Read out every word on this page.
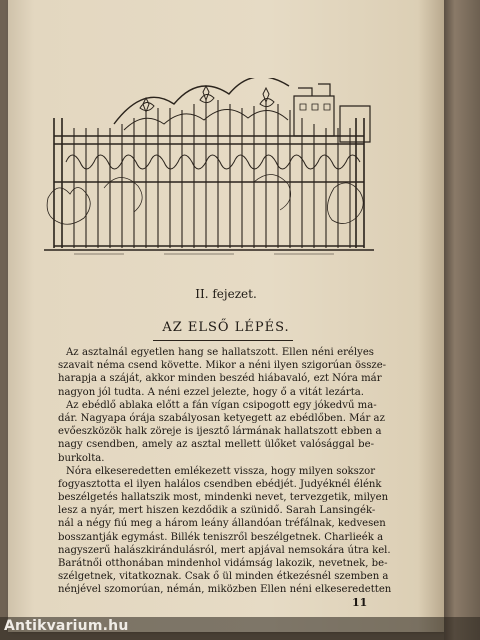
II. fejezet.
AZ ELSŐ LÉPÉS.
Az asztalnál egyetlen hang se hallatszott. Ellen néni erélyes
szavait néma csend követte. Mikor a néni ilyen szigorúan össze-
harapja a száját, akkor minden beszéd hiábavaló, ezt Nóra már
nagyon jól tudta. A néni ezzel jelezte, hogy ő a vitát lezárta.
Az ebédlő ablaka előtt a fán vígan csipogott egy jókedvű ma-
dár. Nagyapa órája szabályosan ketyegett az ebédlőben. Már az
evőeszközök halk zöreje is ijesztő lármának hallatszott ebben a
nagy csendben, amely az asztal mellett ülőket valósággal be-
burkolta.
Nóra elkeseredetten emlékezett vissza, hogy milyen sokszor
fogyasztotta el ilyen halálos csendben ebédjét. Judyéknél élénk
beszélgetés hallatszik most, mindenki nevet, tervezgetik, milyen
lesz a nyár, mert hiszen kezdődik a szünidő. Sarah Lansingék-
nál a négy fiú meg a három leány állandóan tréfálnak, kedvesen
bosszantják egymást. Billék teniszről beszélgetnek. Charlieék a
nagyszerű halászkirándulásról, mert apjával nemsokára útra kel.
Barátnői otthonában mindenhol vidámság lakozik, nevetnek, be-
szélgetnek, vitatkoznak. Csak ő ül minden étkezésnél szemben a
nénjével szomorúan, némán, miközben Ellen néni elkeseredetten
11
Antikvarium.hu
